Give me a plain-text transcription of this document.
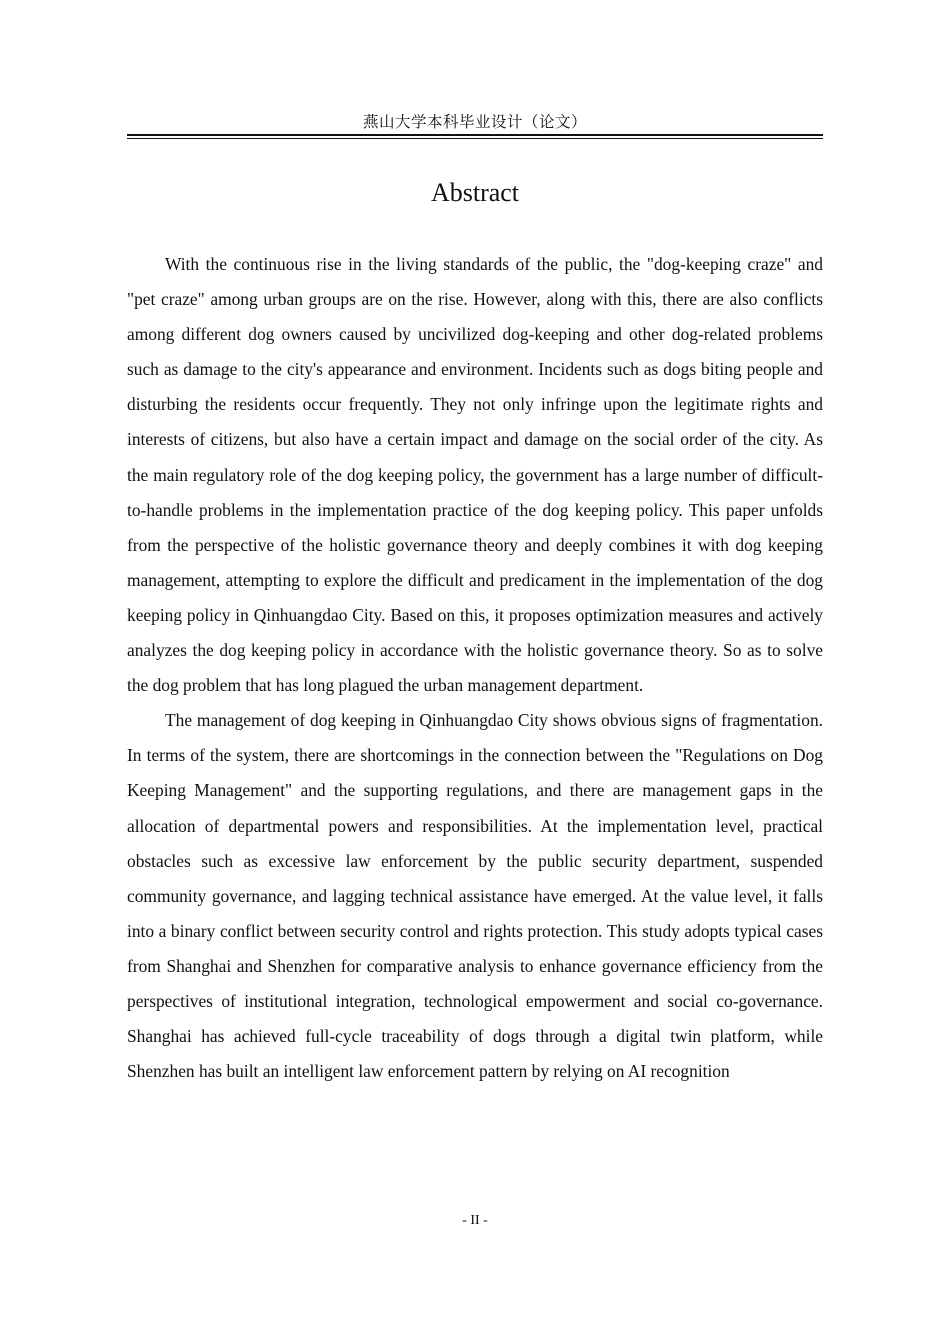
燕山大学本科毕业设计（论文）
Abstract

With the continuous rise in the living standards of the public, the "dog-keeping craze" and "pet craze" among urban groups are on the rise. However, along with this, there are also conflicts among different dog owners caused by uncivilized dog-keeping and other dog-related problems such as damage to the city's appearance and environment. Incidents such as dogs biting people and disturbing the residents occur frequently. They not only infringe upon the legitimate rights and interests of citizens, but also have a certain impact and damage on the social order of the city. As the main regulatory role of the dog keeping policy, the government has a large number of difficult-to-handle problems in the implementation practice of the dog keeping policy. This paper unfolds from the perspective of the holistic governance theory and deeply combines it with dog keeping management, attempting to explore the difficult and predicament in the implementation of the dog keeping policy in Qinhuangdao City. Based on this, it proposes optimization measures and actively analyzes the dog keeping policy in accordance with the holistic governance theory. So as to solve the dog problem that has long plagued the urban management department.

The management of dog keeping in Qinhuangdao City shows obvious signs of fragmentation. In terms of the system, there are shortcomings in the connection between the "Regulations on Dog Keeping Management" and the supporting regulations, and there are management gaps in the allocation of departmental powers and responsibilities. At the implementation level, practical obstacles such as excessive law enforcement by the public security department, suspended community governance, and lagging technical assistance have emerged. At the value level, it falls into a binary conflict between security control and rights protection. This study adopts typical cases from Shanghai and Shenzhen for comparative analysis to enhance governance efficiency from the perspectives of institutional integration, technological empowerment and social co-governance. Shanghai has achieved full-cycle traceability of dogs through a digital twin platform, while Shenzhen has built an intelligent law enforcement pattern by relying on AI recognition

- II -
